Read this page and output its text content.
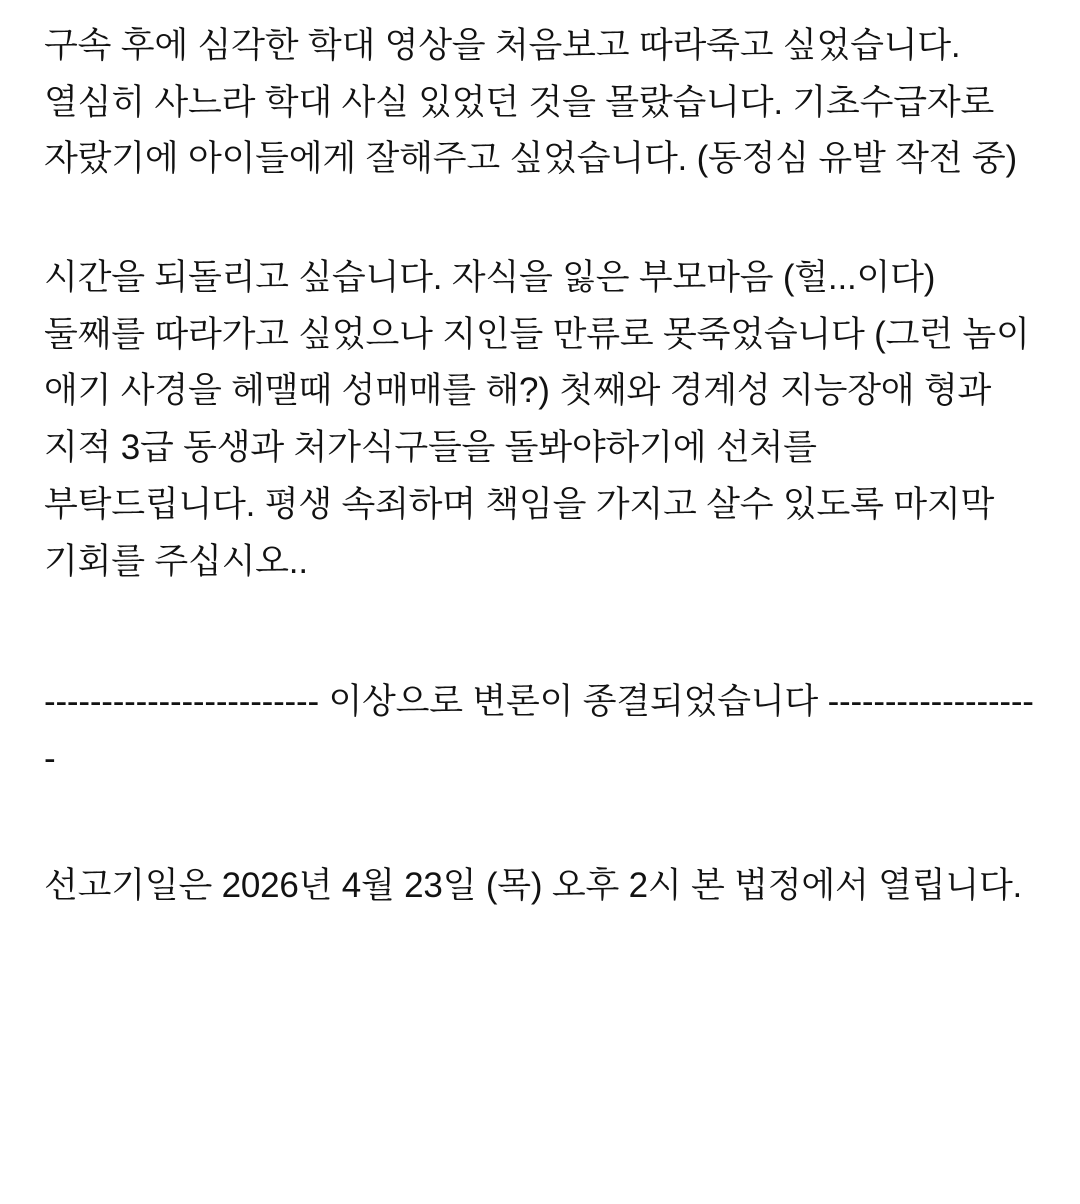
구속 후에 심각한 학대 영상을 처음보고 따라죽고 싶었습니다. 열심히 사느라 학대 사실 있었던 것을 몰랐습니다. 기초수급자로 자랐기에 아이들에게 잘해주고 싶었습니다. (동정심 유발 작전 중)

시간을 되돌리고 싶습니다. 자식을 잃은 부모마음 (헐...이다) 둘째를 따라가고 싶었으나 지인들 만류로 못죽었습니다 (그런 놈이 애기 사경을 헤맬때 성매매를 해?) 첫째와 경계성 지능장애 형과 지적 3급 동생과 처가식구들을 돌봐야하기에 선처를 부탁드립니다. 평생 속죄하며 책임을 가지고 살수 있도록 마지막 기회를 주십시오..

------------------------ 이상으로 변론이 종결되었습니다 -------------------

선고기일은 2026년 4월 23일 (목) 오후 2시 본 법정에서 열립니다.
